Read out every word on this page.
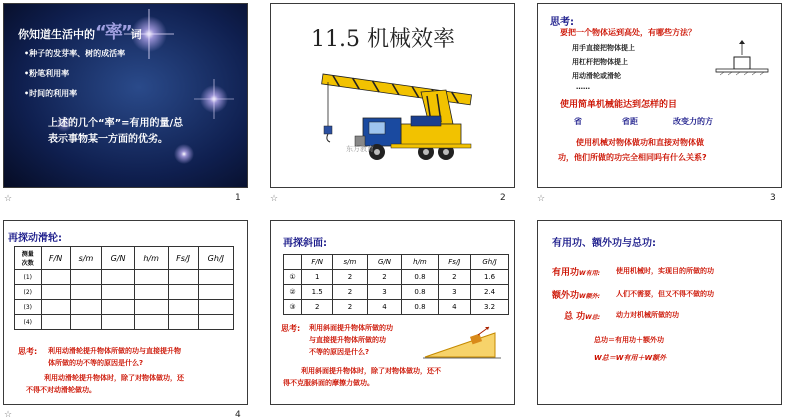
你知道生活中的“率”词
•种子的发芽率、树的成活率
•粉笔利用率
•时间的利用率
上述的几个“率”=有用的量/总
表示事物某一方面的优劣。
1
11.5 机械效率
东方教育
2
思考:
要把一个物体运到高处，有哪些方法？
用手直接把物体提上
用杠杆把物体提上
用动滑轮或滑轮
……
使用简单机械能达到怎样的目
省	省距	改变力的方
使用机械对物体做功和直接对物体做
功，他们所做的功完全相同吗有什么关系?
3
☆	☆	☆
再探动滑轮:
测量
次数	F/N	s/m	G/N	h/m	Fs/J	Gh/J
(1)						
(2)						
(3)						
(4)						
思考: 利用动滑轮提升物体所做的功与直接提升物
体所做的功不等的原因是什么?
利用动滑轮提升物体时，除了对物体做功，还
不得不对动滑轮做功。
4
再探斜面:
	F/N	s/m	G/N	h/m	Fs/J	Gh/J
①	1	2	2	0.8	2	1.6
②	1.5	2	3	0.8	3	2.4
③	2	2	4	0.8	4	3.2
思考: 利用斜面提升物体所做的功
与直接提升物体所做的功
不等的原因是什么?
利用斜面提升物体时，除了对物体做功，还不
得不克服斜面的摩擦力做功。
有用功、额外功与总功:
有用功W有用: 使用机械时，实现目的所做的功
额外功W额外: 人们不需要，但又不得不做的功
总 功W总: 动力对机械所做的功
总功＝有用功＋额外功
W总＝W有用＋W额外
☆
